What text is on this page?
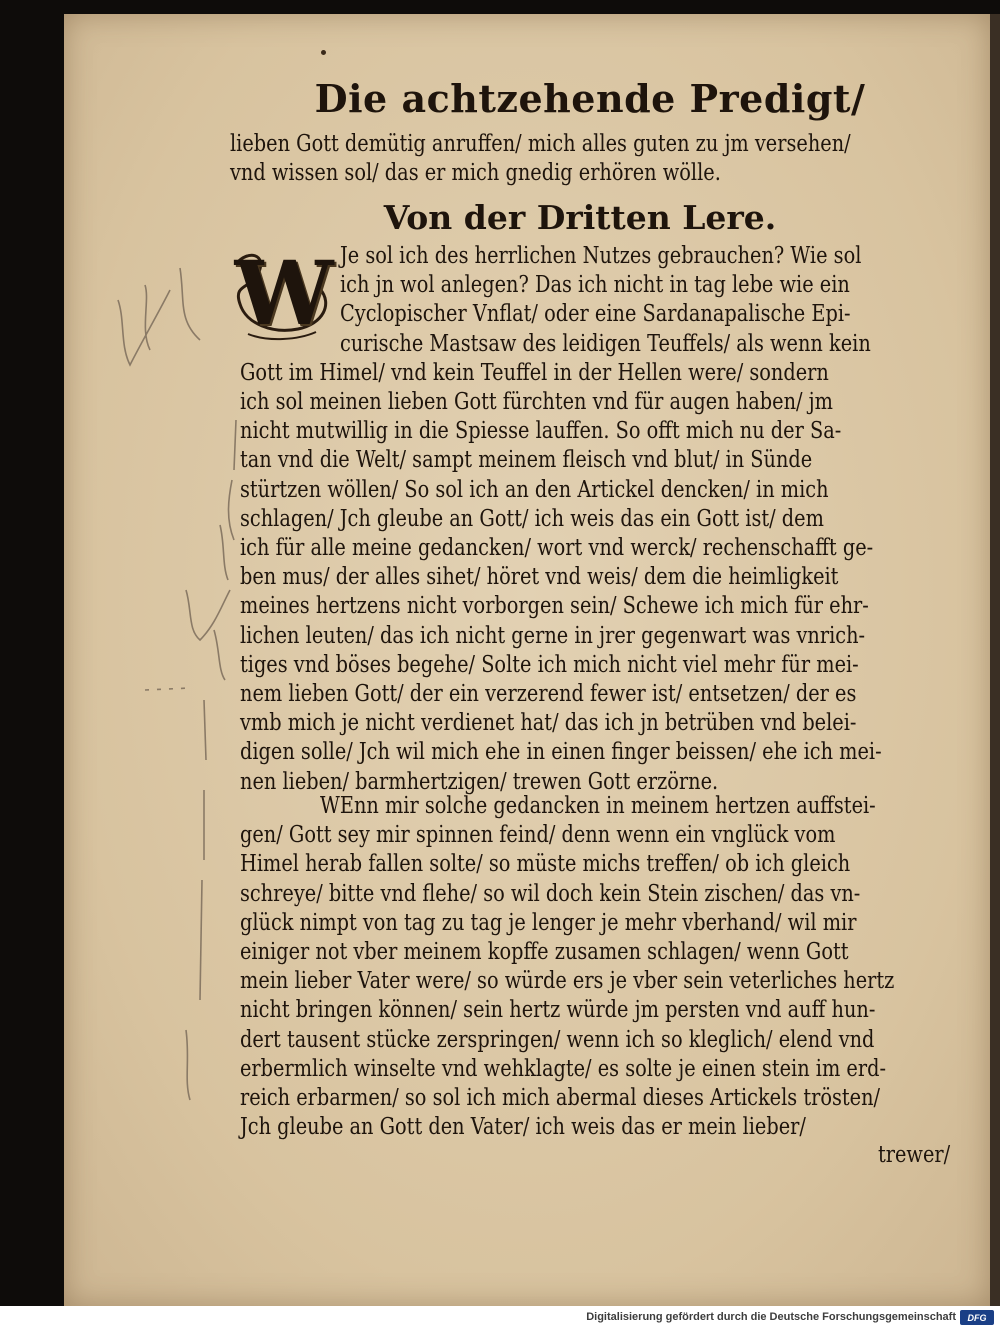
Die achtzehende Predigt/

lieben Gott demütig anruffen/ mich alles guten zu jm versehen/

vnd wissen sol/ das er mich gnedig erhören wölle.

Von der Dritten Lere.
W Je sol ich des herrlichen Nutzes gebrauchen? Wie sol

ich jn wol anlegen? Das ich nicht in tag lebe wie ein

Cyclopischer Vnflat/ oder eine Sardanapalische Epi-

curische Mastsaw des leidigen Teuffels/ als wenn kein

Gott im Himel/ vnd kein Teuffel in der Hellen were/ sondern

ich sol meinen lieben Gott fürchten vnd für augen haben/ jm

nicht mutwillig in die Spiesse lauffen. So offt mich nu der Sa-

tan vnd die Welt/ sampt meinem fleisch vnd blut/ in Sünde

stürtzen wöllen/ So sol ich an den Artickel dencken/ in mich

schlagen/ Jch gleube an Gott/ ich weis das ein Gott ist/ dem

ich für alle meine gedancken/ wort vnd werck/ rechenschafft ge-

ben mus/ der alles sihet/ höret vnd weis/ dem die heimligkeit

meines hertzens nicht vorborgen sein/ Schewe ich mich für ehr-

lichen leuten/ das ich nicht gerne in jrer gegenwart was vnrich-

tiges vnd böses begehe/ Solte ich mich nicht viel mehr für mei-

nem lieben Gott/ der ein verzerend fewer ist/ entsetzen/ der es

vmb mich je nicht verdienet hat/ das ich jn betrüben vnd belei-

digen solle/ Jch wil mich ehe in einen finger beissen/ ehe ich mei-

nen lieben/ barmhertzigen/ trewen Gott erzörne.

WEnn mir solche gedancken in meinem hertzen auffstei-

gen/ Gott sey mir spinnen feind/ denn wenn ein vnglück vom

Himel herab fallen solte/ so müste michs treffen/ ob ich gleich

schreye/ bitte vnd flehe/ so wil doch kein Stein zischen/ das vn-

glück nimpt von tag zu tag je lenger je mehr vberhand/ wil mir

einiger not vber meinem kopffe zusamen schlagen/ wenn Gott

mein lieber Vater were/ so würde ers je vber sein veterliches hertz

nicht bringen können/ sein hertz würde jm persten vnd auff hun-

dert tausent stücke zerspringen/ wenn ich so kleglich/ elend vnd

erbermlich winselte vnd wehklagte/ es solte je einen stein im erd-

reich erbarmen/ so sol ich mich abermal dieses Artickels trösten/

Jch gleube an Gott den Vater/ ich weis das er mein lieber/

trewer/

Digitalisierung gefördert durch die Deutsche Forschungsgemeinschaft	DFG
